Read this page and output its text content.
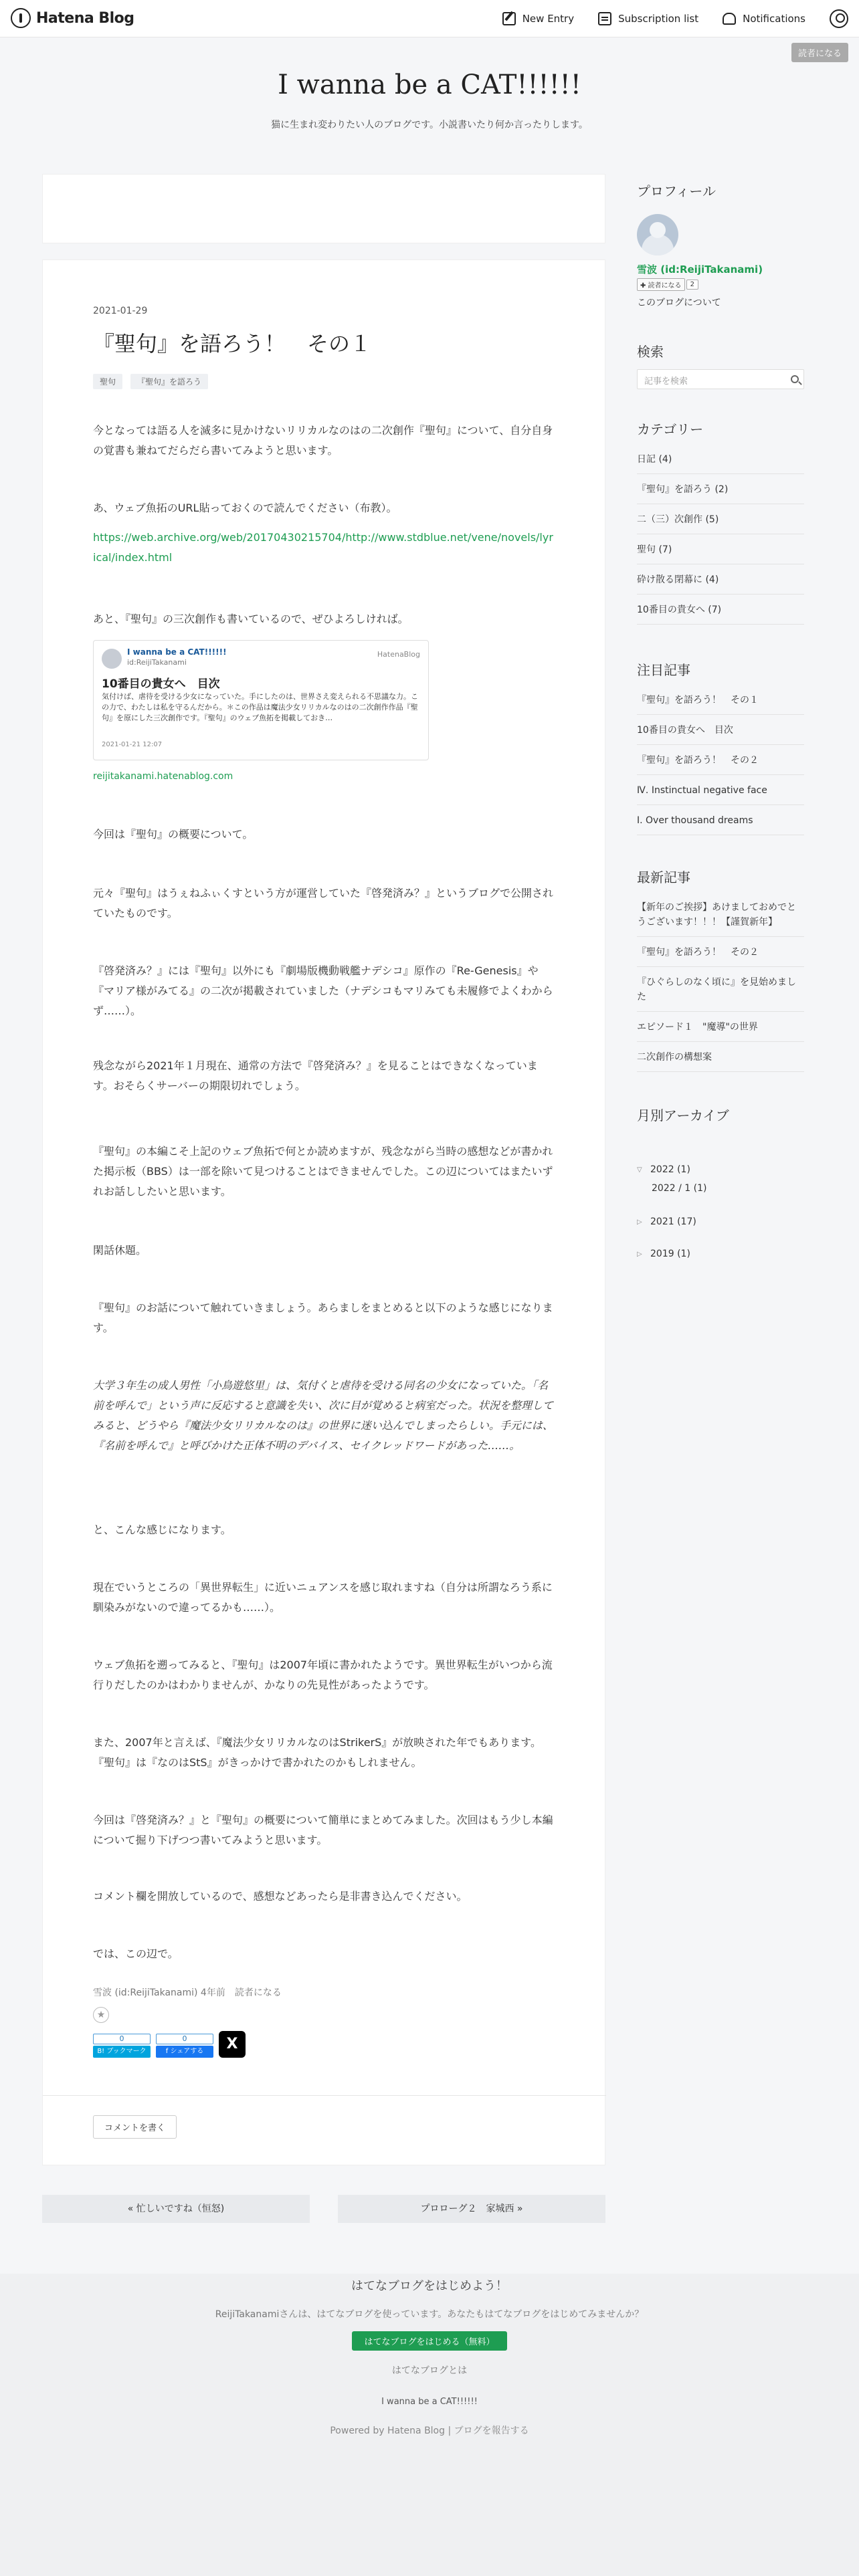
Hatena Blog	New Entry	Subscription list	Notifications
読者になる
I wanna be a CAT!!!!!!
猫に生まれ変わりたい人のブログです。小説書いたり何か言ったりします。
2021-01-29
『聖句』を語ろう！　その１
聖句	『聖句』を語ろう
今となっては語る人を滅多に見かけないリリカルなのはの二次創作『聖句』について、自分自身の覚書も兼ねてだらだら書いてみようと思います。
あ、ウェブ魚拓のURL貼っておくので読んでください（布教）。
https://web.archive.org/web/20170430215704/http://www.stdblue.net/vene/novels/lyrical/index.html
あと、『聖句』の三次創作も書いているので、ぜひよろしければ。
I wanna be a CAT!!!!!!
id:ReijiTakanami
HatenaBlog
10番目の貴女へ　目次
気付けば、虐待を受ける少女になっていた。手にしたのは、世界さえ変えられる不思議な力。この力で、わたしは私を守るんだから。＊この作品は魔法少女リリカルなのはの二次創作作品『聖句』を原にした三次創作です。『聖句』のウェブ魚拓を掲載しておき…
2021-01-21 12:07
reijitakanami.hatenablog.com
今回は『聖句』の概要について。
元々『聖句』はうぇねふぃくすという方が運営していた『啓発済み？』というブログで公開されていたものです。
『啓発済み？』には『聖句』以外にも『劇場版機動戦艦ナデシコ』原作の『Re-Genesis』や『マリア様がみてる』の二次が掲載されていました（ナデシコもマリみても未履修でよくわからず……）。
残念ながら2021年１月現在、通常の方法で『啓発済み？』を見ることはできなくなっています。おそらくサーバーの期限切れでしょう。
『聖句』の本編こそ上記のウェブ魚拓で何とか読めますが、残念ながら当時の感想などが書かれた掲示板（BBS）は一部を除いて見つけることはできませんでした。この辺についてはまたいずれお話ししたいと思います。
閑話休題。
『聖句』のお話について触れていきましょう。あらましをまとめると以下のような感じになります。
大学３年生の成人男性「小鳥遊悠里」は、気付くと虐待を受ける同名の少女になっていた。「名前を呼んで」という声に反応すると意識を失い、次に目が覚めると病室だった。状況を整理してみると、どうやら『魔法少女リリカルなのは』の世界に迷い込んでしまったらしい。手元には、『名前を呼んで』と呼びかけた正体不明のデバイス、セイクレッドワードがあった……。
と、こんな感じになります。
現在でいうところの「異世界転生」に近いニュアンスを感じ取れますね（自分は所謂なろう系に馴染みがないので違ってるかも……）。
ウェブ魚拓を遡ってみると、『聖句』は2007年頃に書かれたようです。異世界転生がいつから流行りだしたのかはわかりませんが、かなりの先見性があったようです。
また、2007年と言えば、『魔法少女リリカルなのはStrikerS』が放映された年でもあります。『聖句』は『なのはStS』がきっかけで書かれたのかもしれません。
今回は『啓発済み？』と『聖句』の概要について簡単にまとめてみました。次回はもう少し本編について掘り下げつつ書いてみようと思います。
コメント欄を開放しているので、感想などあったら是非書き込んでください。
では、この辺で。
雪波 (id:ReijiTakanami) 4年前　読者になる
★
0
B! ブックマーク
0
f シェアする	X
コメントを書く
« 忙しいですね（恒怒)	プロローグ２　家城西 »
プロフィール
雪波 (id:ReijiTakanami)
✚ 読者になる	2
このブログについて
検索
記事を検索
カテゴリー
日記 (4)
『聖句』を語ろう (2)
二（三）次創作 (5)
聖句 (7)
砕け散る閉幕に (4)
10番目の貴女へ (7)
注目記事
『聖句』を語ろう！　その１
10番目の貴女へ　目次
『聖句』を語ろう！　その２
Ⅳ. Instinctual negative face
Ⅰ. Over thousand dreams
最新記事
【新年のご挨拶】あけましておめでとうございます！！！【謹賀新年】
『聖句』を語ろう！　その２
『ひぐらしのなく頃に』を見始めました
エピソード１　"魔導"の世界
二次創作の構想案
月別アーカイブ
▽ 2022 (1)
2022 / 1 (1)
▷ 2021 (17)
▷ 2019 (1)
はてなブログをはじめよう！
ReijiTakanamiさんは、はてなブログを使っています。あなたもはてなブログをはじめてみませんか？
はてなブログをはじめる（無料）
はてなブログとは
I wanna be a CAT!!!!!!
Powered by Hatena Blog | ブログを報告する
